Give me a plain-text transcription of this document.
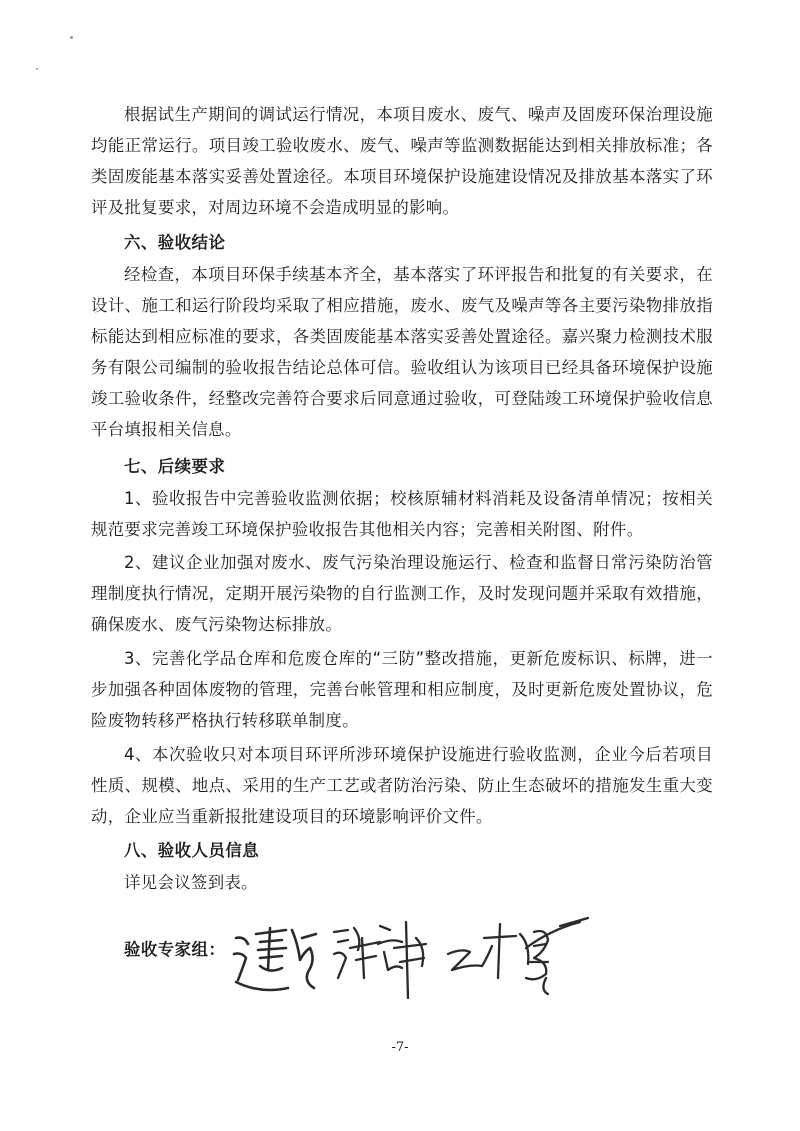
根据试生产期间的调试运行情况，本项目废水、废气、噪声及固废环保治理设施均能正常运行。项目竣工验收废水、废气、噪声等监测数据能达到相关排放标准；各类固废能基本落实妥善处置途径。本项目环境保护设施建设情况及排放基本落实了环评及批复要求，对周边环境不会造成明显的影响。

六、验收结论

经检查，本项目环保手续基本齐全，基本落实了环评报告和批复的有关要求，在设计、施工和运行阶段均采取了相应措施，废水、废气及噪声等各主要污染物排放指标能达到相应标准的要求，各类固废能基本落实妥善处置途径。嘉兴聚力检测技术服务有限公司编制的验收报告结论总体可信。验收组认为该项目已经具备环境保护设施竣工验收条件，经整改完善符合要求后同意通过验收，可登陆竣工环境保护验收信息平台填报相关信息。

七、后续要求

1、验收报告中完善验收监测依据；校核原辅材料消耗及设备清单情况；按相关规范要求完善竣工环境保护验收报告其他相关内容；完善相关附图、附件。

2、建议企业加强对废水、废气污染治理设施运行、检查和监督日常污染防治管理制度执行情况，定期开展污染物的自行监测工作，及时发现问题并采取有效措施，确保废水、废气污染物达标排放。

3、完善化学品仓库和危废仓库的“三防”整改措施，更新危废标识、标牌，进一步加强各种固体废物的管理，完善台帐管理和相应制度，及时更新危废处置协议，危险废物转移严格执行转移联单制度。

4、本次验收只对本项目环评所涉环境保护设施进行验收监测，企业今后若项目性质、规模、地点、采用的生产工艺或者防治污染、防止生态破坏的措施发生重大变动，企业应当重新报批建设项目的环境影响评价文件。

八、验收人员信息

详见会议签到表。

验收专家组：
-7-
